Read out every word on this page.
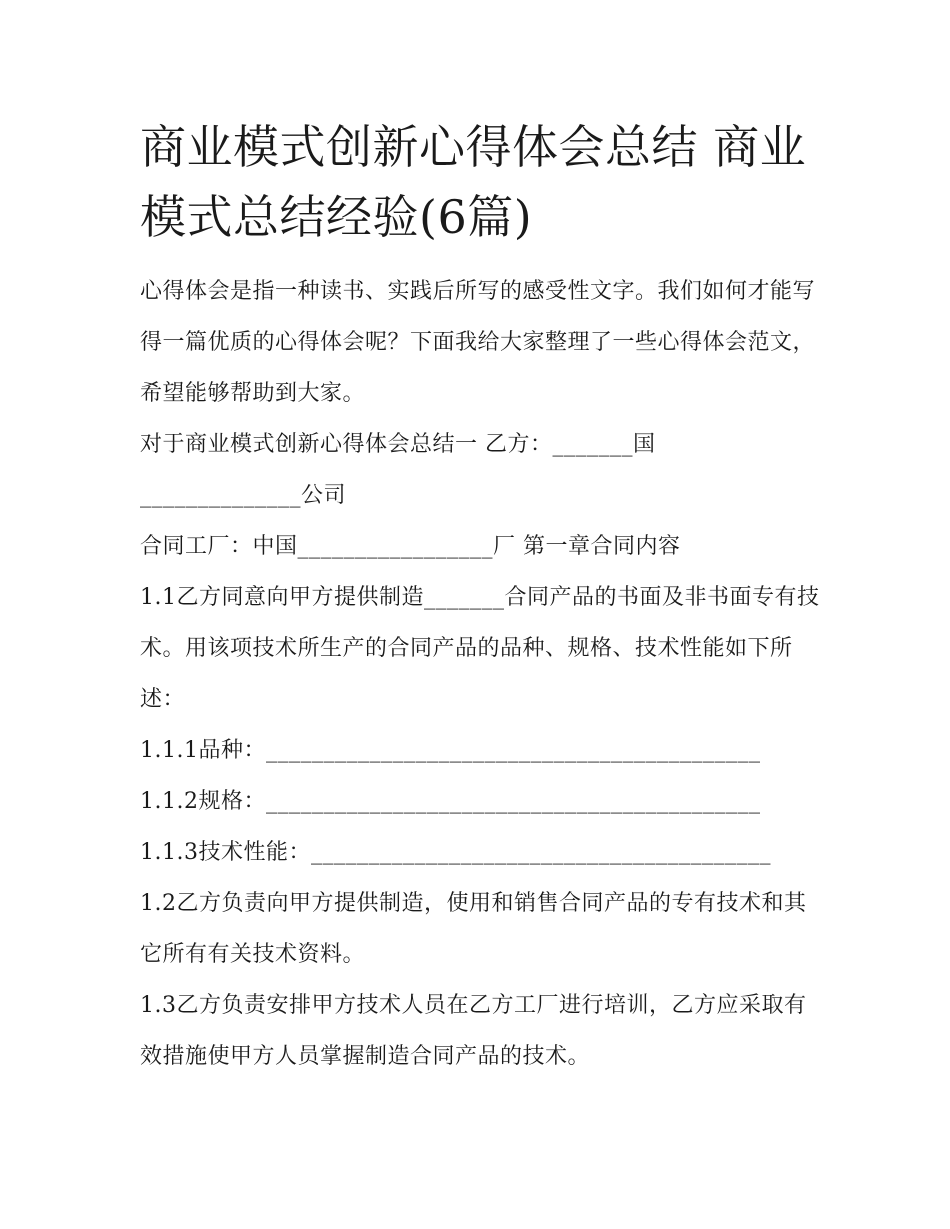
商业模式创新心得体会总结 商业模式总结经验(6篇)

心得体会是指一种读书、实践后所写的感受性文字。我们如何才能写得一篇优质的心得体会呢？下面我给大家整理了一些心得体会范文，希望能够帮助到大家。

对于商业模式创新心得体会总结一 乙方：_______国 ______________公司

合同工厂：中国_________________厂 第一章合同内容

1.1乙方同意向甲方提供制造_______合同产品的书面及非书面专有技术。用该项技术所生产的合同产品的品种、规格、技术性能如下所述：

1.1.1品种：___________________________________________

1.1.2规格：___________________________________________

1.1.3技术性能：________________________________________

1.2乙方负责向甲方提供制造，使用和销售合同产品的专有技术和其它所有有关技术资料。

1.3乙方负责安排甲方技术人员在乙方工厂进行培训，乙方应采取有效措施使甲方人员掌握制造合同产品的技术。
